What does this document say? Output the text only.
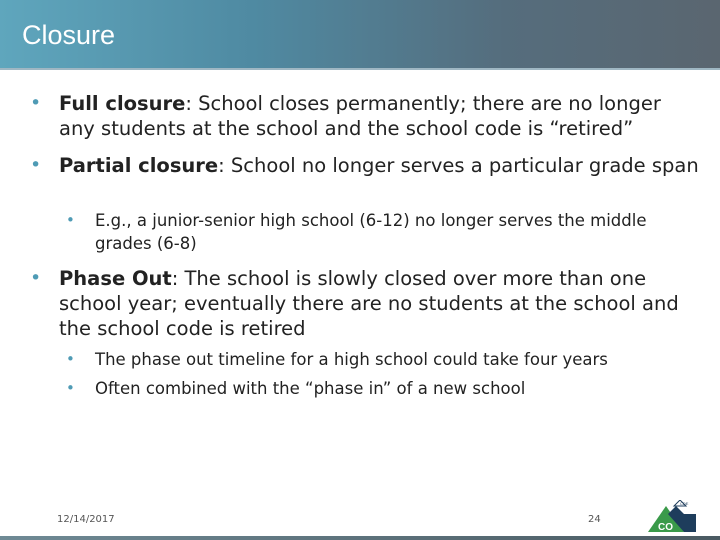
Closure
• Full closure: School closes permanently; there are no longer any students at the school and the school code is “retired”
• Partial closure: School no longer serves a particular grade span
• E.g., a junior-senior high school (6-12) no longer serves the middle grades (6-8)
• Phase Out: The school is slowly closed over more than one school year; eventually there are no students at the school and the school code is retired
• The phase out timeline for a high school could take four years
• Often combined with the “phase in” of a new school
12/14/2017	24
CO
CDE
